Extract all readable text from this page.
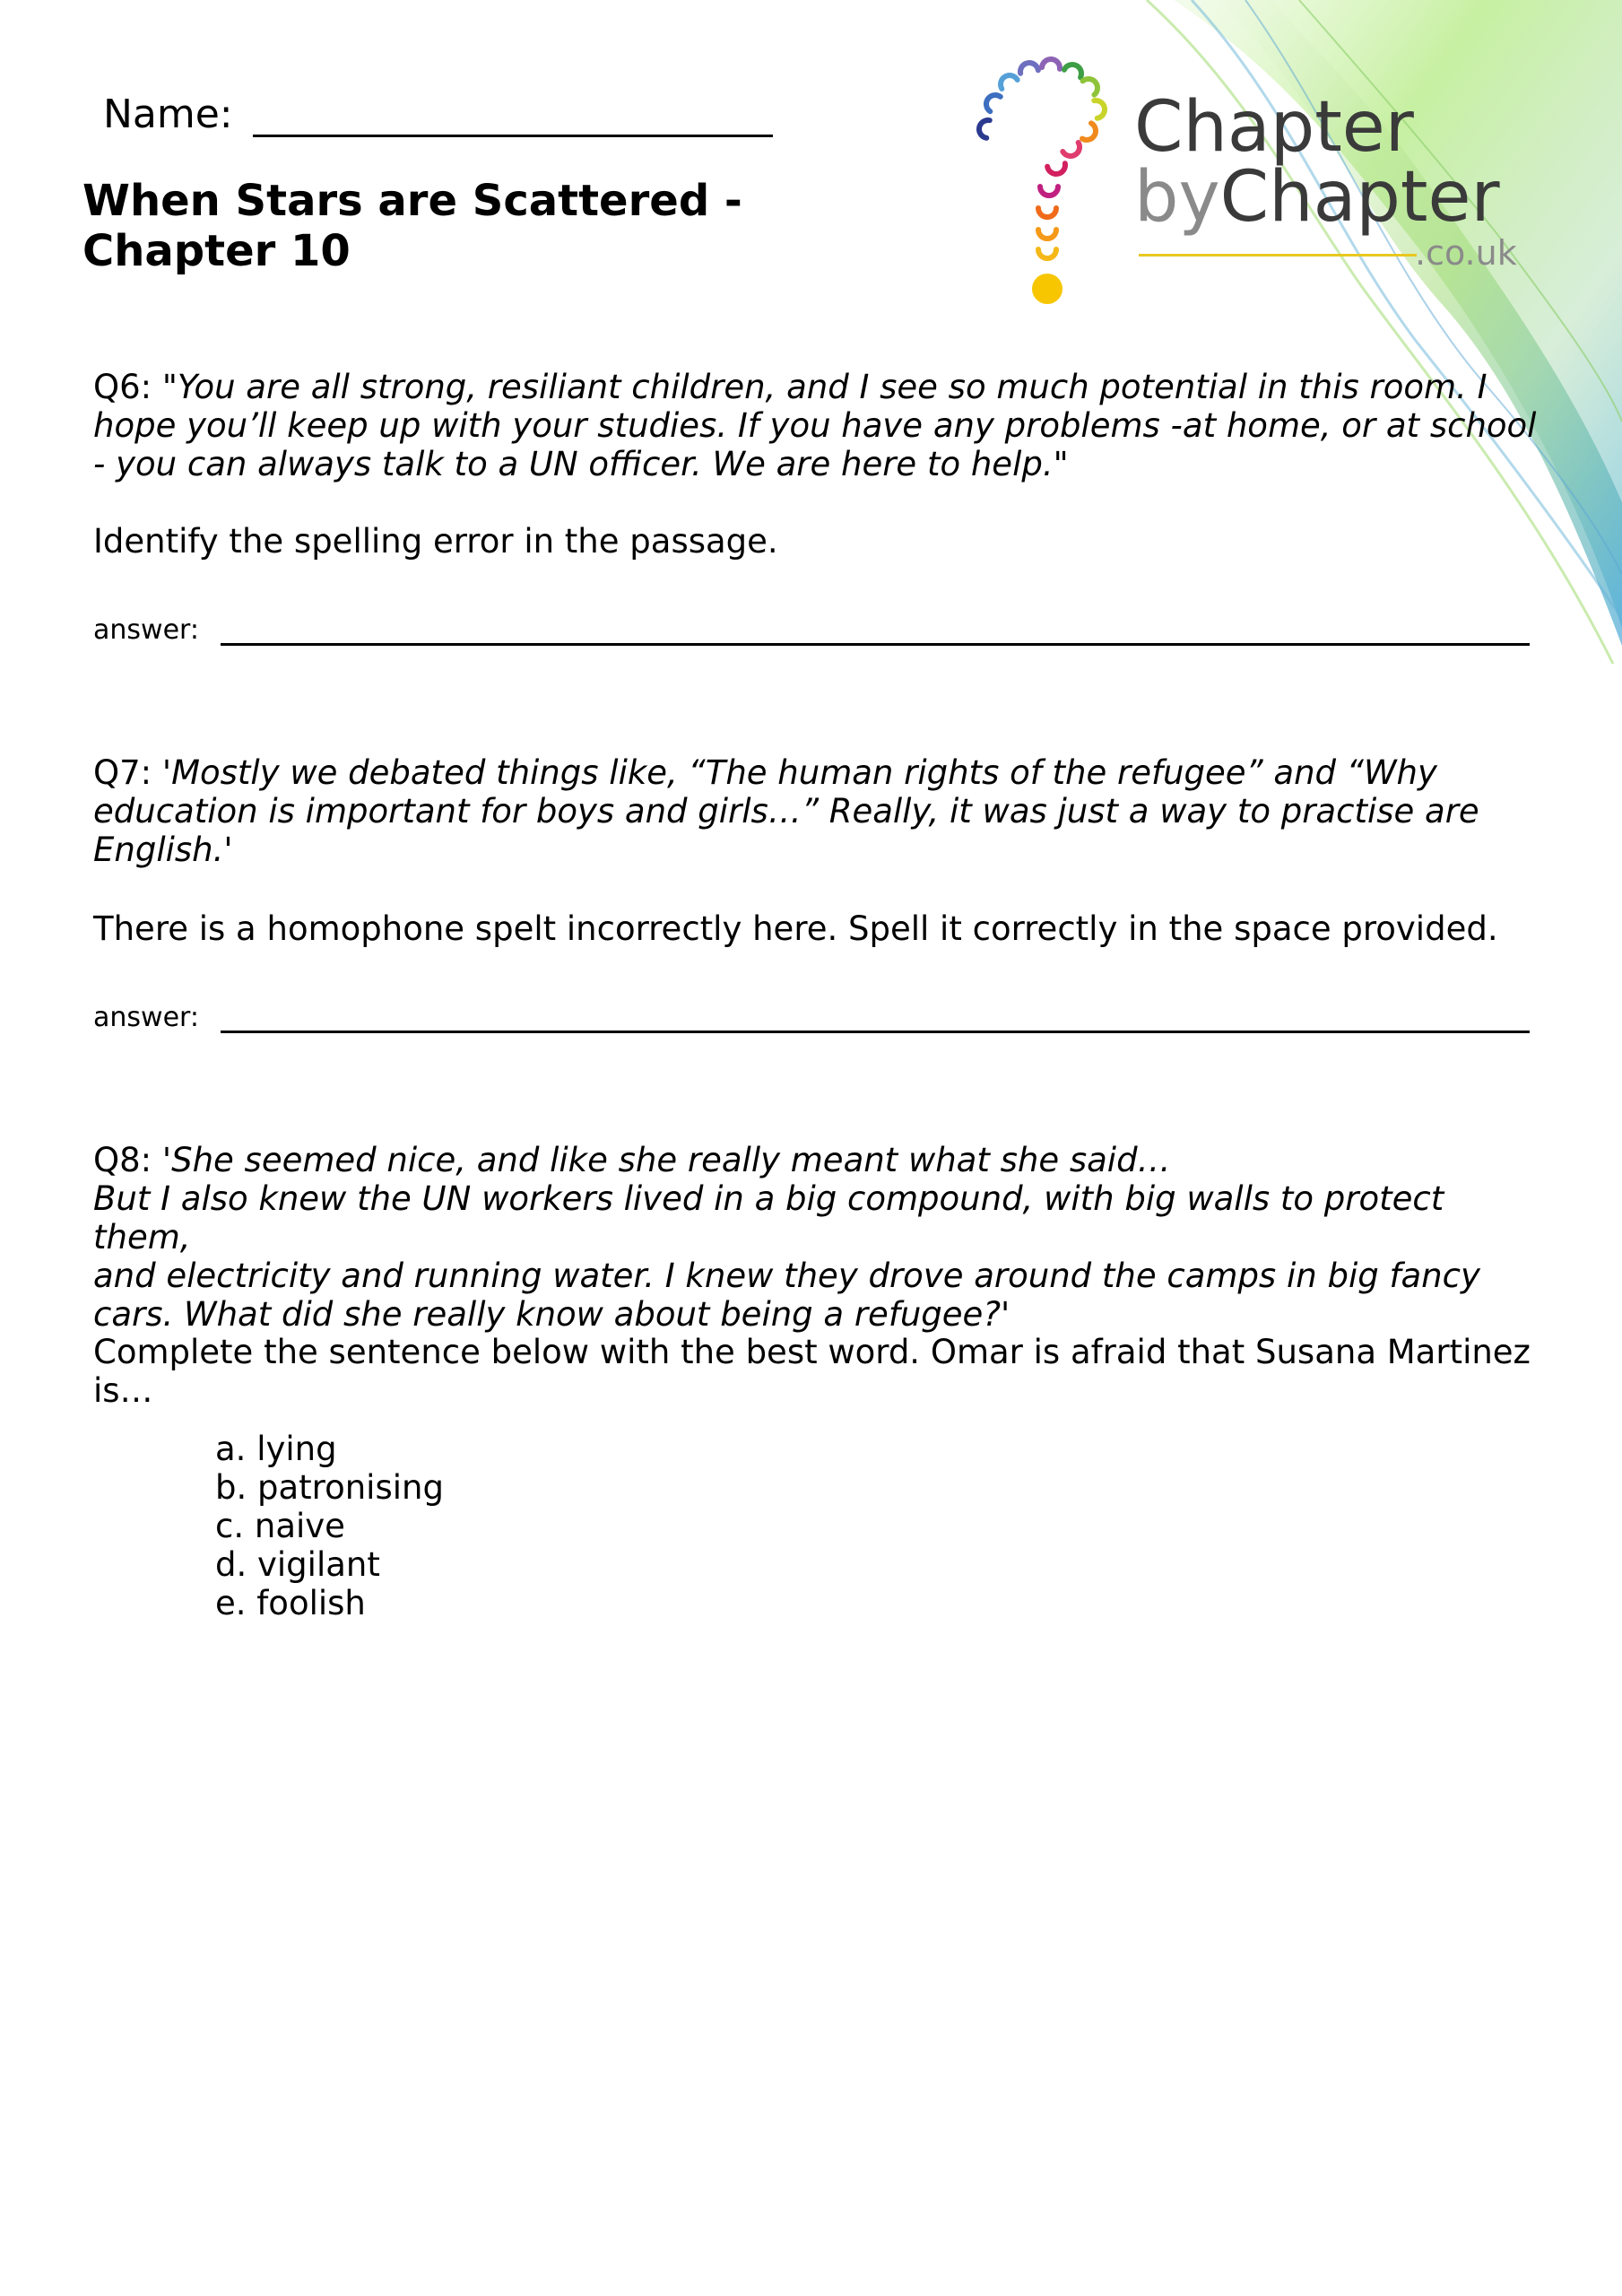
Name:
When Stars are Scattered -
Chapter 10
Chapter
byChapter
.co.uk
Q6: "You are all strong, resiliant children, and I see so much potential in this room. I
hope you’ll keep up with your studies. If you have any problems -at home, or at school
- you can always talk to a UN officer. We are here to help."

Identify the spelling error in the passage.

answer:
Q7: 'Mostly we debated things like, “The human rights of the refugee” and “Why
education is important for boys and girls…” Really, it was just a way to practise are
English.'

There is a homophone spelt incorrectly here. Spell it correctly in the space provided.

answer:
Q8: 'She seemed nice, and like she really meant what she said…
But I also knew the UN workers lived in a big compound, with big walls to protect them,
and electricity and running water. I knew they drove around the camps in big fancy
cars. What did she really know about being a refugee?'

Complete the sentence below with the best word. Omar is afraid that Susana Martinez is…

a. lying
b. patronising
c. naive
d. vigilant
e. foolish
